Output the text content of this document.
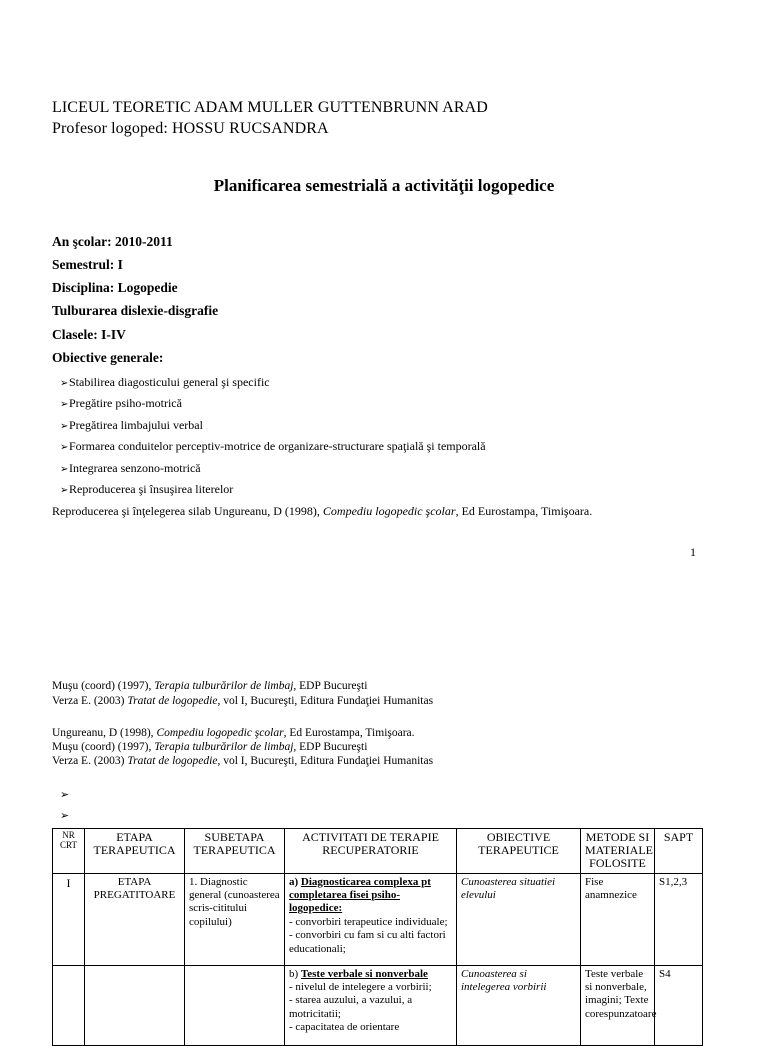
LICEUL TEORETIC ADAM MULLER GUTTENBRUNN ARAD
Profesor logoped: HOSSU RUCSANDRA
Planificarea semestrială a activităţii logopedice
An şcolar: 2010-2011
Semestrul: I
Disciplina: Logopedie
Tulburarea dislexie-disgrafie
Clasele: I-IV
Obiective generale:
➢Stabilirea diagosticului general şi specific
➢Pregătire psiho-motrică
➢Pregătirea limbajului verbal
➢Formarea conduitelor perceptiv-motrice de organizare-structurare spaţială şi temporală
➢Integrarea senzono-motrică
➢Reproducerea şi însuşirea literelor
Reproducerea şi înţelegerea silab Ungureanu, D (1998), Compediu logopedic şcolar, Ed Eurostampa, Timişoara.
1
Muşu (coord) (1997), Terapia tulburărilor de limbaj, EDP Bucureşti
Verza E. (2003) Tratat de logopedie, vol I, Bucureşti, Editura Fundaţiei Humanitas
Ungureanu, D (1998), Compediu logopedic şcolar, Ed Eurostampa, Timişoara.
Muşu (coord) (1997), Terapia tulburărilor de limbaj, EDP Bucureşti
Verza E. (2003) Tratat de logopedie, vol I, Bucureşti, Editura Fundaţiei Humanitas
➢
➢
NR CRT	ETAPA TERAPEUTICA	SUBETAPA TERAPEUTICA	ACTIVITATI DE TERAPIE RECUPERATORIE	OBIECTIVE TERAPEUTICE	METODE SI MATERIALE FOLOSITE	SAPT
I	ETAPA PREGATITOARE	1. Diagnostic general (cunoasterea scris-cititului copilului)	a) Diagnosticarea complexa pt completarea fisei psiho-logopedice:
- convorbiri terapeutice individuale;
- convorbiri cu fam si cu alti factori educationali;	Cunoasterea situatiei elevului	Fise anamnezice	S1,2,3
			b) Teste verbale si nonverbale
- nivelul de intelegere a vorbirii;
- starea auzului, a vazului, a motricitatii;
- capacitatea de orientare	Cunoasterea si intelegerea vorbirii	Teste verbale si nonverbale, imagini; Texte corespunzatoare	S4
